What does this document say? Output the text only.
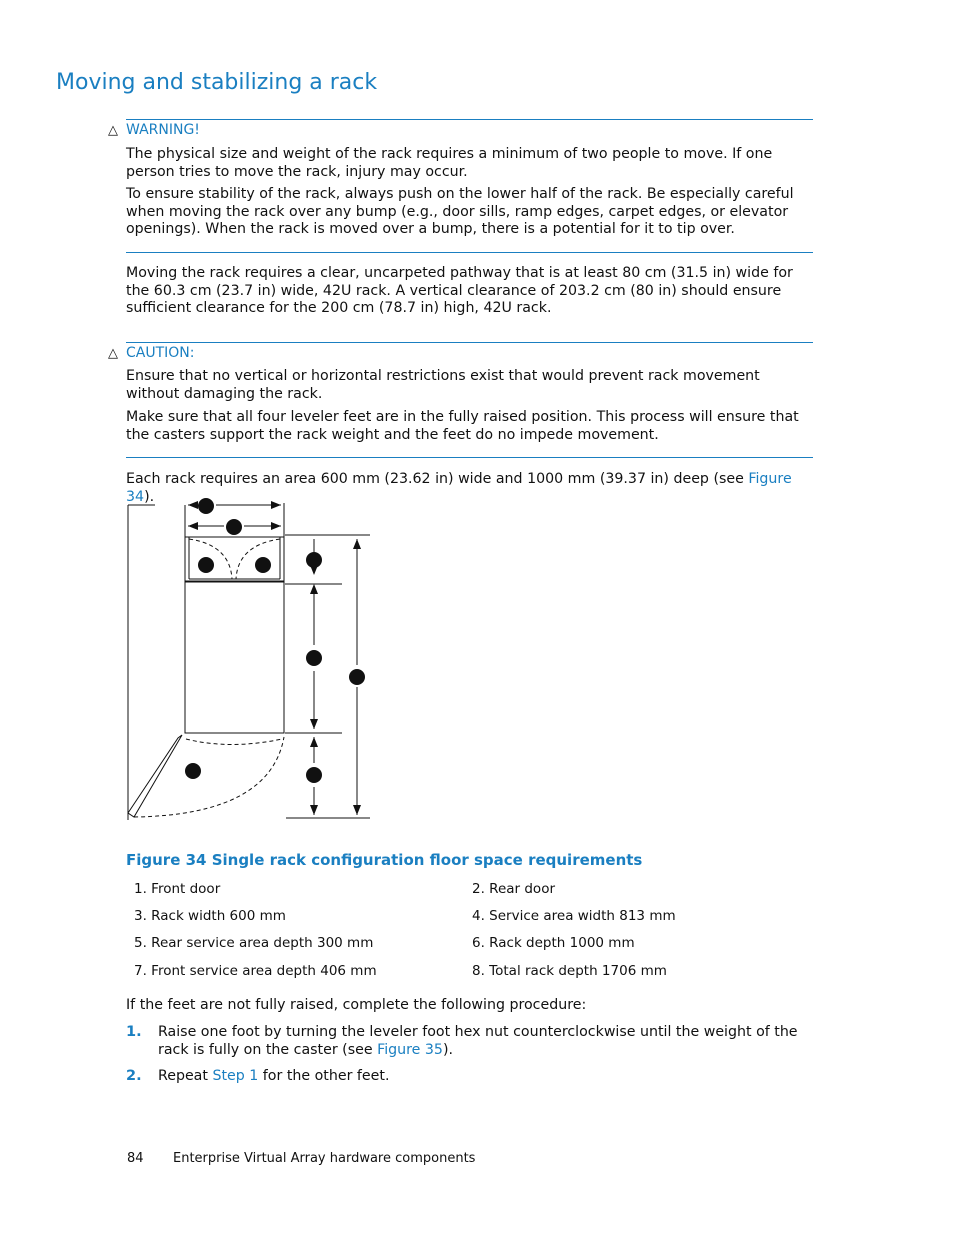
Moving and stabilizing a rack
△ WARNING!
The physical size and weight of the rack requires a minimum of two people to move. If one person tries to move the rack, injury may occur.
To ensure stability of the rack, always push on the lower half of the rack. Be especially careful when moving the rack over any bump (e.g., door sills, ramp edges, carpet edges, or elevator openings). When the rack is moved over a bump, there is a potential for it to tip over.
Moving the rack requires a clear, uncarpeted pathway that is at least 80 cm (31.5 in) wide for the 60.3 cm (23.7 in) wide, 42U rack. A vertical clearance of 203.2 cm (80 in) should ensure sufficient clearance for the 200 cm (78.7 in) high, 42U rack.
△ CAUTION:
Ensure that no vertical or horizontal restrictions exist that would prevent rack movement without damaging the rack.
Make sure that all four leveler feet are in the fully raised position. This process will ensure that the casters support the rack weight and the feet do no impede movement.
Each rack requires an area 600 mm (23.62 in) wide and 1000 mm (39.37 in) deep (see Figure 34).
Figure 34 Single rack configuration floor space requirements
1. Front door	2. Rear door
3. Rack width 600 mm	4. Service area width 813 mm
5. Rear service area depth 300 mm	6. Rack depth 1000 mm
7. Front service area depth 406 mm	8. Total rack depth 1706 mm
If the feet are not fully raised, complete the following procedure:
1. Raise one foot by turning the leveler foot hex nut counterclockwise until the weight of the rack is fully on the caster (see Figure 35).
2. Repeat Step 1 for the other feet.
84 Enterprise Virtual Array hardware components
